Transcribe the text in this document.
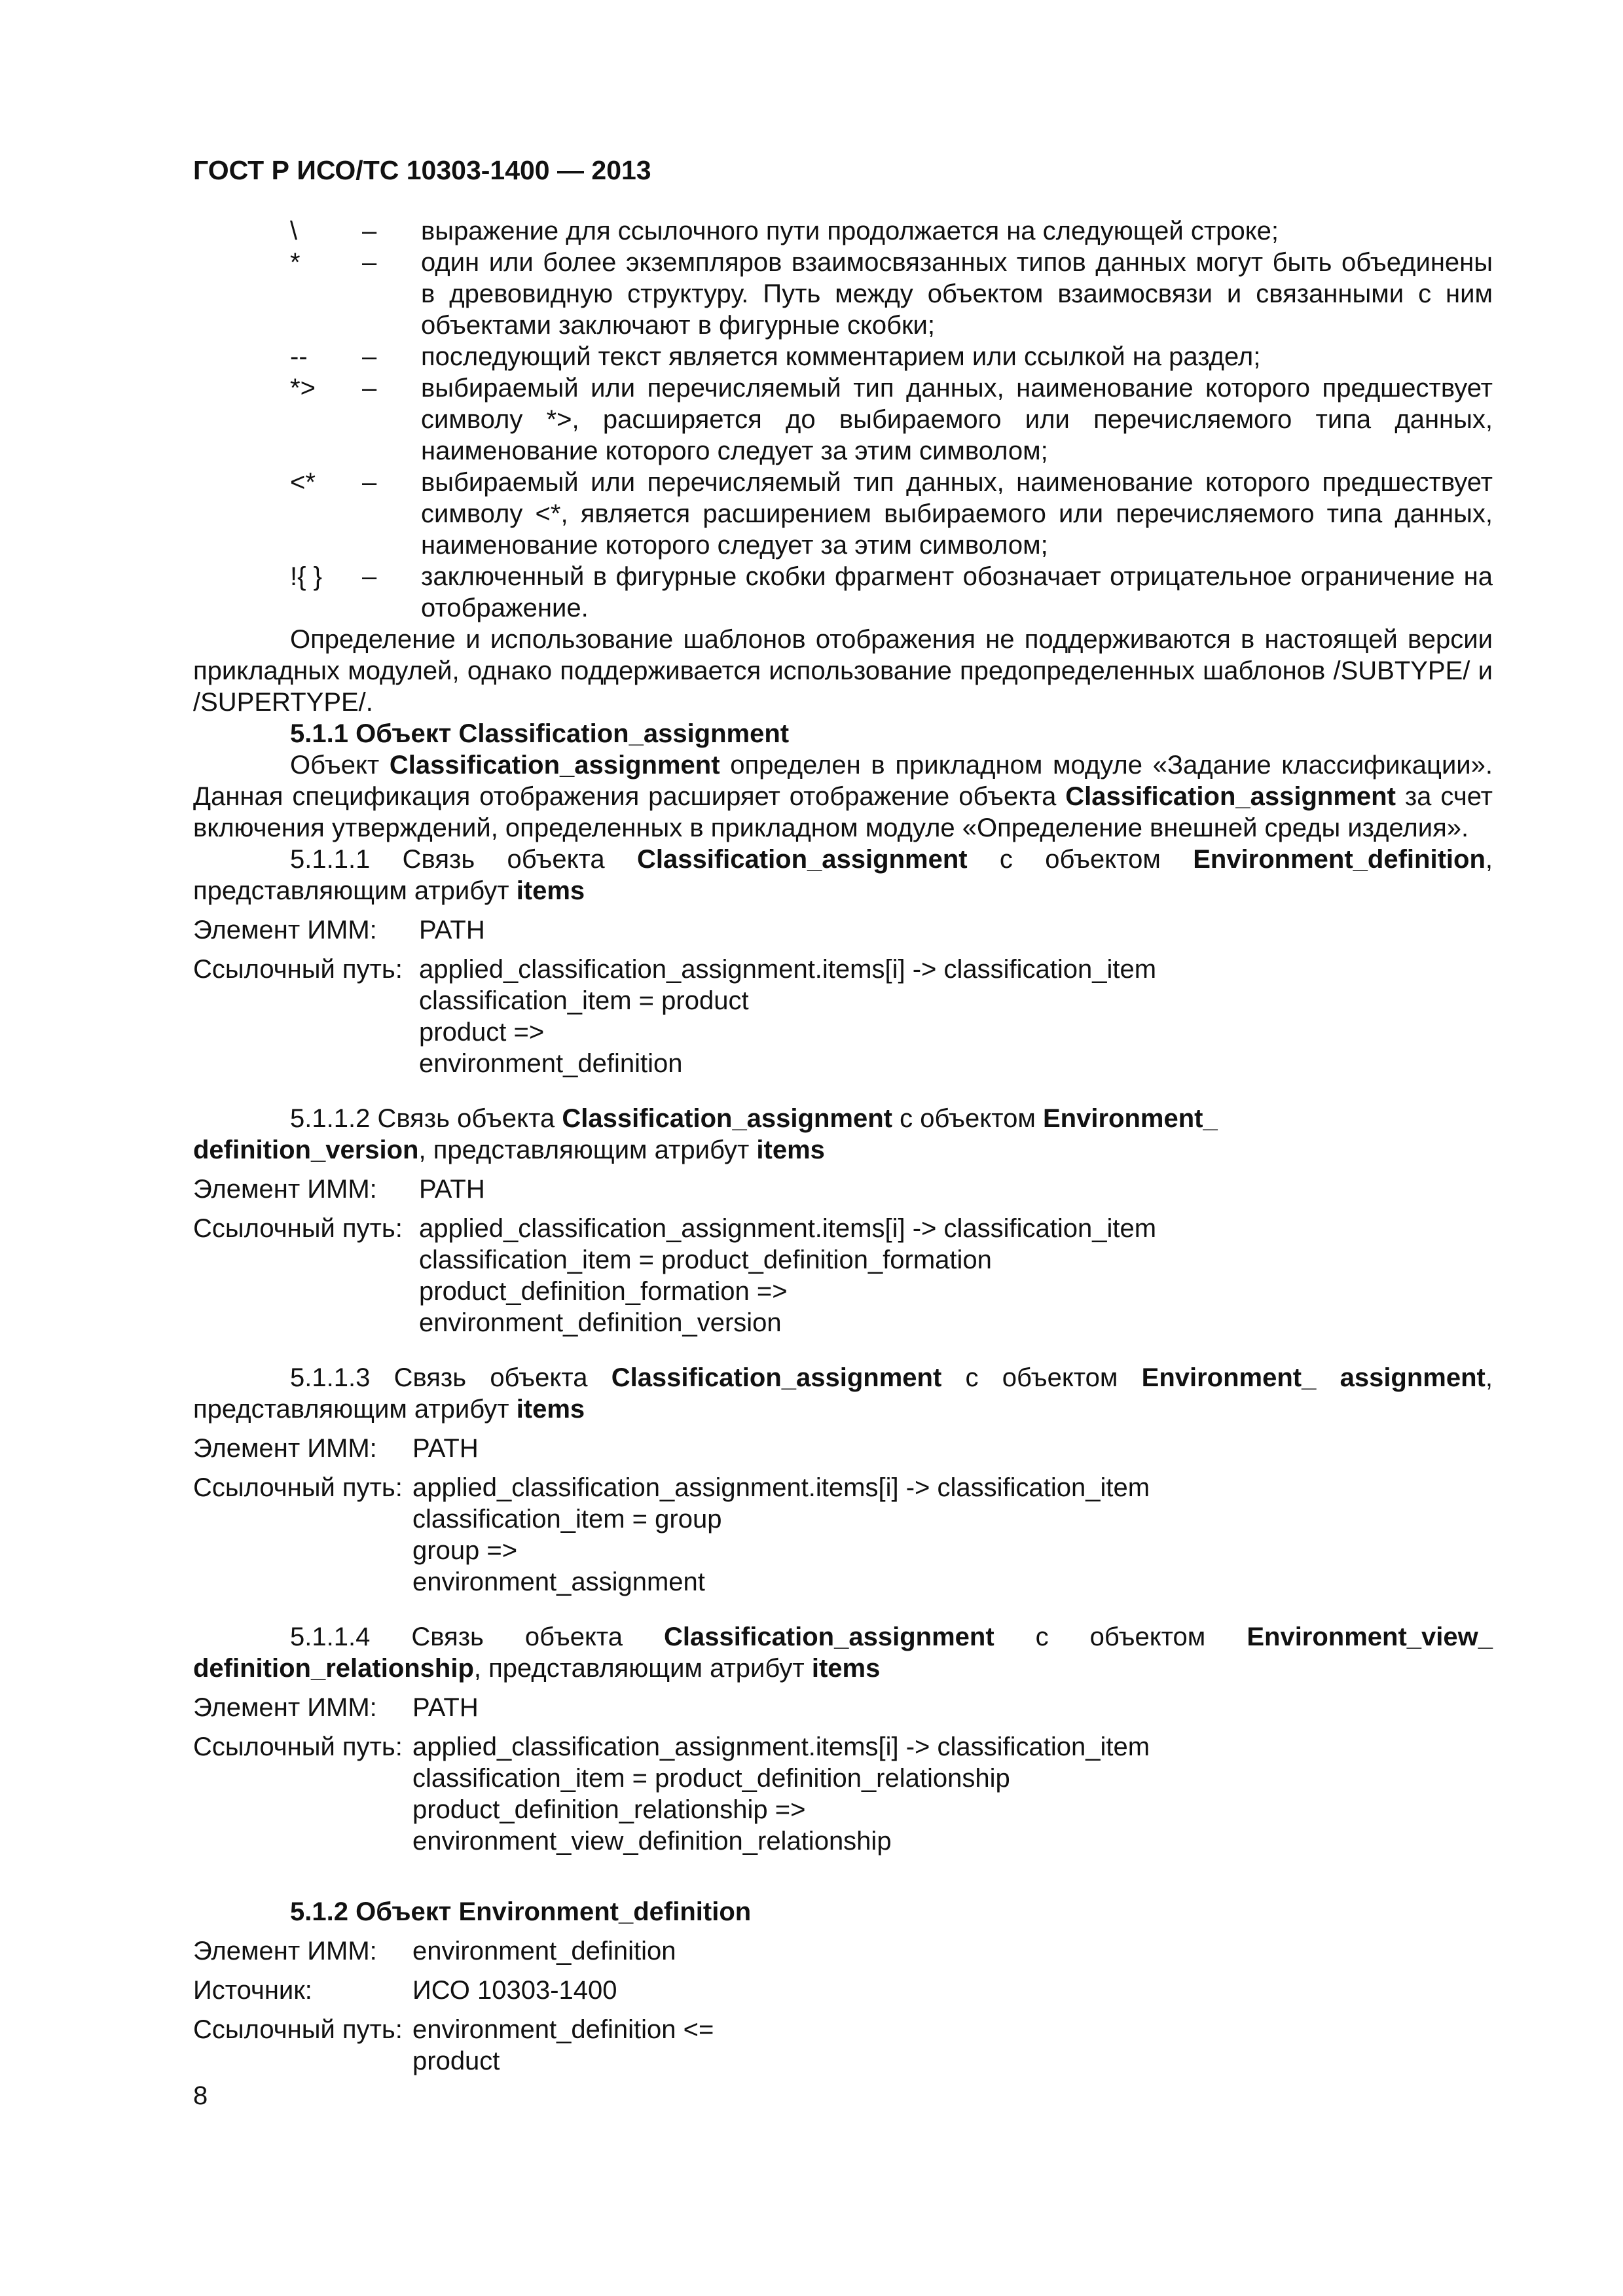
ГОСТ Р ИСО/ТС 10303-1400 — 2013
\	–	выражение для ссылочного пути продолжается на следующей строке;
*	–	один или более экземпляров взаимосвязанных типов данных могут быть объединены в древовидную структуру. Путь между объектом взаимосвязи и связанными с ним объектами заключают в фигурные скобки;
--	–	последующий текст является комментарием или ссылкой на раздел;
*>	–	выбираемый или перечисляемый тип данных, наименование которого предшествует символу *>, расширяется до выбираемого или перечисляемого типа данных, наименование которого следует за этим символом;
<*	–	выбираемый или перечисляемый тип данных, наименование которого предшествует символу <*, является расширением выбираемого или перечисляемого типа данных, наименование которого следует за этим символом;
!{ }	–	заключенный в фигурные скобки фрагмент обозначает отрицательное ограничение на отображение.
Определение и использование шаблонов отображения не поддерживаются в настоящей версии прикладных модулей, однако поддерживается использование предопределенных шаблонов /SUBTYPE/ и /SUPERTYPE/.
5.1.1 Объект Classification_assignment
Объект Classification_assignment определен в прикладном модуле «Задание классификации». Данная спецификация отображения расширяет отображение объекта Classification_assignment за счет включения утверждений, определенных в прикладном модуле «Определение внешней среды изделия».
5.1.1.1 Связь объекта Classification_assignment с объектом Environment_definition, представляющим атрибут items
Элемент ИММ:	PATH
Ссылочный путь: applied_classification_assignment.items[i] -> classification_item
classification_item = product
product =>
environment_definition
5.1.1.2 Связь объекта Classification_assignment с объектом Environment_
definition_version, представляющим атрибут items
Элемент ИММ:	PATH
Ссылочный путь: applied_classification_assignment.items[i] -> classification_item
classification_item = product_definition_formation
product_definition_formation =>
environment_definition_version
5.1.1.3 Связь объекта Classification_assignment с объектом Environment_ assignment, представляющим атрибут items
Элемент ИММ:	PATH
Ссылочный путь: applied_classification_assignment.items[i] -> classification_item
classification_item = group
group =>
environment_assignment
5.1.1.4 Связь объекта Classification_assignment с объектом Environment_view_
definition_relationship, представляющим атрибут items
Элемент ИММ:	PATH
Ссылочный путь: applied_classification_assignment.items[i] -> classification_item
classification_item = product_definition_relationship
product_definition_relationship =>
environment_view_definition_relationship
5.1.2 Объект Environment_definition
Элемент ИММ:	environment_definition
Источник:	ИСО 10303-1400
Ссылочный путь: environment_definition <=
product
8
